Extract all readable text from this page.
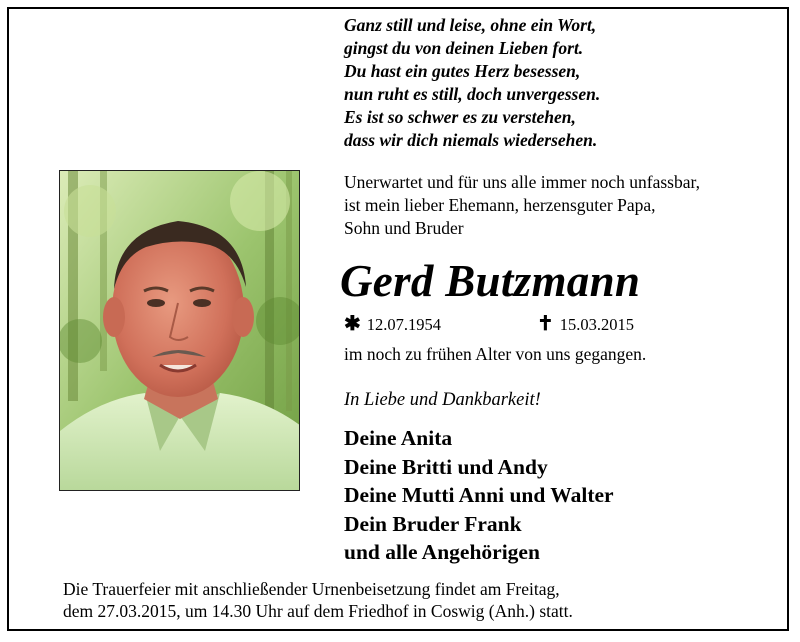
Ganz still und leise, ohne ein Wort,
gingst du von deinen Lieben fort.
Du hast ein gutes Herz besessen,
nun ruht es still, doch unvergessen.
Es ist so schwer es zu verstehen,
dass wir dich niemals wiedersehen.
Unerwartet und für uns alle immer noch unfassbar,
ist mein lieber Ehemann, herzensguter Papa,
Sohn und Bruder
Gerd Butzmann
✱ 12.07.1954	✝ 15.03.2015
im noch zu frühen Alter von uns gegangen.
In Liebe und Dankbarkeit!
Deine Anita
Deine Britti und Andy
Deine Mutti Anni und Walter
Dein Bruder Frank
und alle Angehörigen
Die Trauerfeier mit anschließender Urnenbeisetzung findet am Freitag,
dem 27.03.2015, um 14.30 Uhr auf dem Friedhof in Coswig (Anh.) statt.
